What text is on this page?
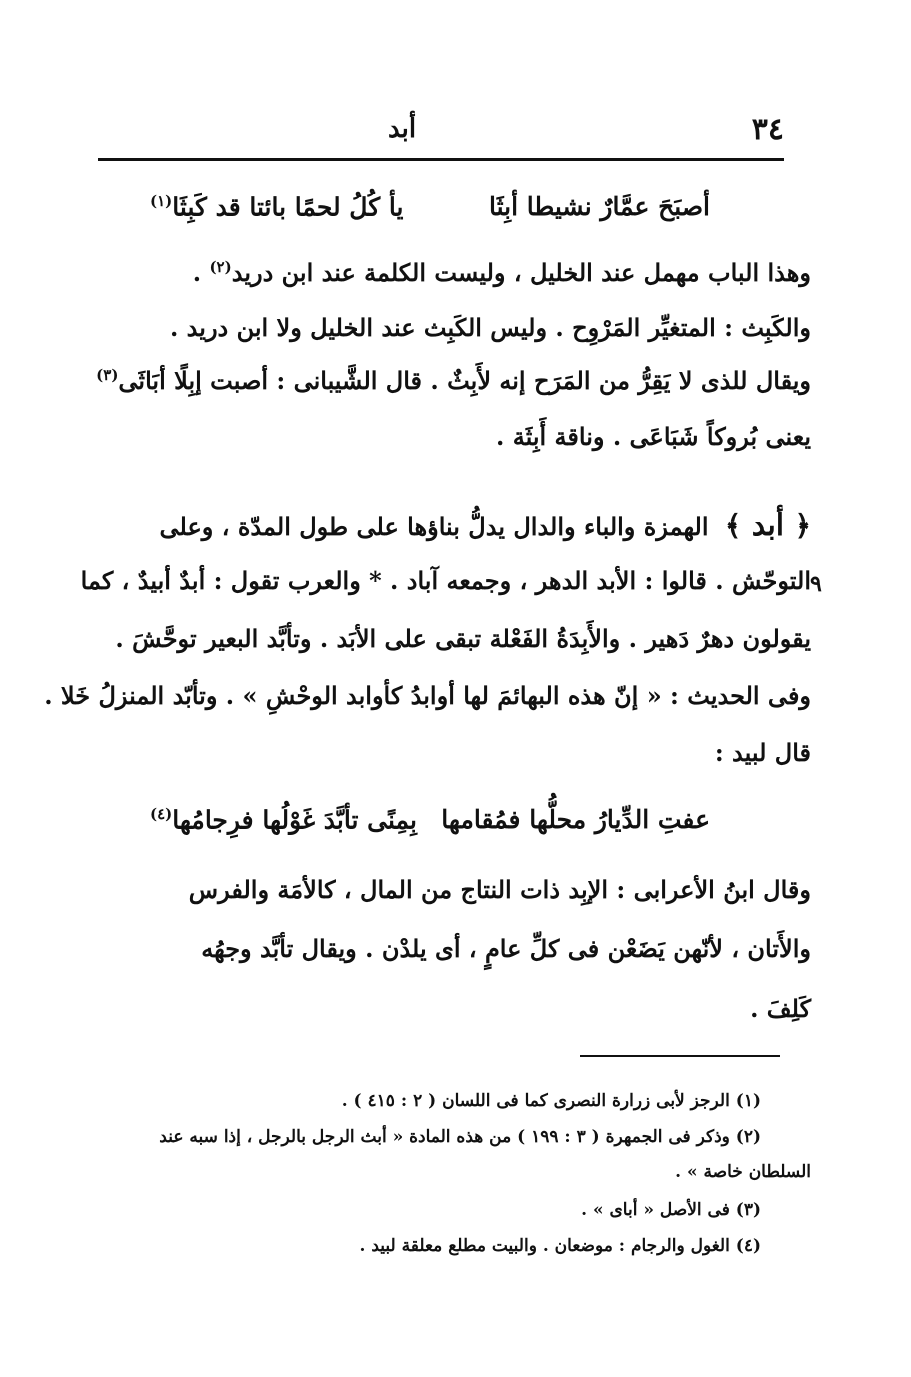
٣٤
أبد
أصبَحَ عمَّارٌ نشيطا أبِثَا
يأ كُلُ لحمًا بائتا قد كَبِثَا$^{(١)}$
وهذا الباب مهمل عند الخليل ، وليست الكلمة عند ابن دريد$^{(٢)}$ .
والكَبِث : المتغيِّر المَرْوِح . وليس الكَبِث عند الخليل ولا ابن دريد .
ويقال للذى لا يَقِرُّ من المَرَح إنه لأَبِثٌ . قال الشَّيبانى : أصبت إبِلًا أبَاثَى$^{(٣)}$
يعنى بُروكاً شَبَاعَى . وناقة أَبِثَة .
﴿ أبد ﴾ الهمزة والباء والدال يدلُّ بناؤها على طول المدّة ، وعلى
٩
التوحّش . قالوا : الأبد الدهر ، وجمعه آباد . * والعرب تقول : أبدٌ أبيدٌ ، كما
يقولون دهرٌ دَهير . والأَبِدَةُ الفَعْلة تبقى على الأبَد . وتأبَّد البعير توحَّشَ .
وفى الحديث : « إنّ هذه البهائمَ لها أوابدُ كأوابد الوحْشِ » . وتأبّد المنزلُ خَلا .
قال لبيد :
عفتِ الدِّيارُ محلُّها فمُقامها
بِمِنًى تأبَّدَ غَوْلُها فرِجامُها$^{(٤)}$
وقال ابنُ الأعرابى : الإبِد ذات النتاج من المال ، كالأمَة والفرس
والأَتان ، لأنّهن يَضَعْن فى كلِّ عامٍ ، أى يلدْن . ويقال تأبَّد وجهُه
كَلِفَ .
(١) الرجز لأبى زرارة النصرى كما فى اللسان ( ٢ : ٤١٥ ) .
(٢) وذكر فى الجمهرة ( ٣ : ١٩٩ ) من هذه المادة « أبث الرجل بالرجل ، إذا سبه عند
السلطان خاصة » .
(٣) فى الأصل « أباى » .
(٤) الغول والرجام : موضعان . والبيت مطلع معلقة لبيد .
